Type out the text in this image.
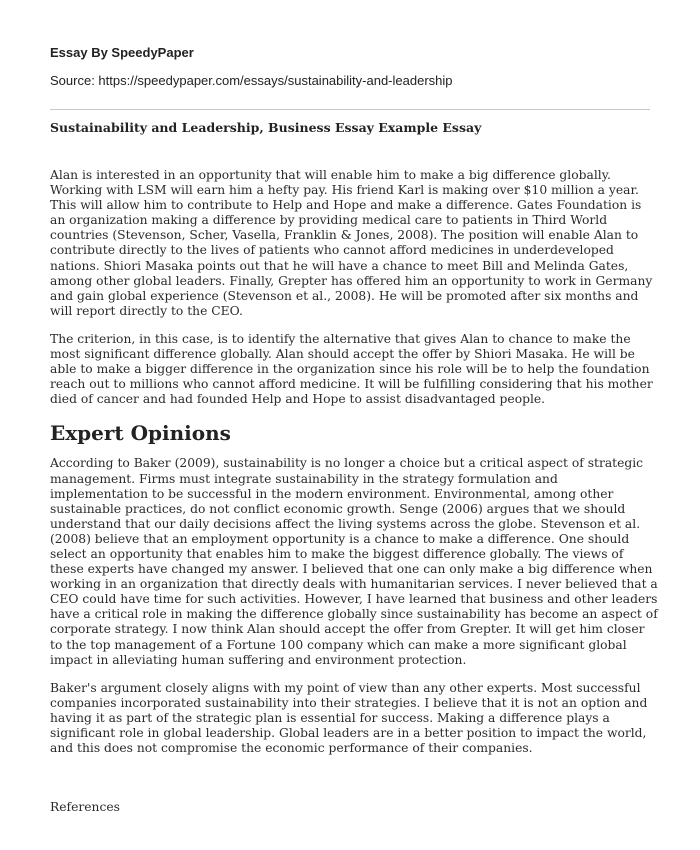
Essay By SpeedyPaper
Source: https://speedypaper.com/essays/sustainability-and-leadership
Sustainability and Leadership, Business Essay Example Essay

Alan is interested in an opportunity that will enable him to make a big difference globally. Working with LSM will earn him a hefty pay. His friend Karl is making over $10 million a year. This will allow him to contribute to Help and Hope and make a difference. Gates Foundation is an organization making a difference by providing medical care to patients in Third World countries (Stevenson, Scher, Vasella, Franklin & Jones, 2008). The position will enable Alan to contribute directly to the lives of patients who cannot afford medicines in underdeveloped nations. Shiori Masaka points out that he will have a chance to meet Bill and Melinda Gates, among other global leaders. Finally, Grepter has offered him an opportunity to work in Germany and gain global experience (Stevenson et al., 2008). He will be promoted after six months and will report directly to the CEO.

The criterion, in this case, is to identify the alternative that gives Alan to chance to make the most significant difference globally. Alan should accept the offer by Shiori Masaka. He will be able to make a bigger difference in the organization since his role will be to help the foundation reach out to millions who cannot afford medicine. It will be fulfilling considering that his mother died of cancer and had founded Help and Hope to assist disadvantaged people.

Expert Opinions

According to Baker (2009), sustainability is no longer a choice but a critical aspect of strategic management. Firms must integrate sustainability in the strategy formulation and implementation to be successful in the modern environment. Environmental, among other sustainable practices, do not conflict economic growth. Senge (2006) argues that we should understand that our daily decisions affect the living systems across the globe. Stevenson et al. (2008) believe that an employment opportunity is a chance to make a difference. One should select an opportunity that enables him to make the biggest difference globally. The views of these experts have changed my answer. I believed that one can only make a big difference when working in an organization that directly deals with humanitarian services. I never believed that a CEO could have time for such activities. However, I have learned that business and other leaders have a critical role in making the difference globally since sustainability has become an aspect of corporate strategy. I now think Alan should accept the offer from Grepter. It will get him closer to the top management of a Fortune 100 company which can make a more significant global impact in alleviating human suffering and environment protection.

Baker's argument closely aligns with my point of view than any other experts. Most successful companies incorporated sustainability into their strategies. I believe that it is not an option and having it as part of the strategic plan is essential for success. Making a difference plays a significant role in global leadership. Global leaders are in a better position to impact the world, and this does not compromise the economic performance of their companies.

References
